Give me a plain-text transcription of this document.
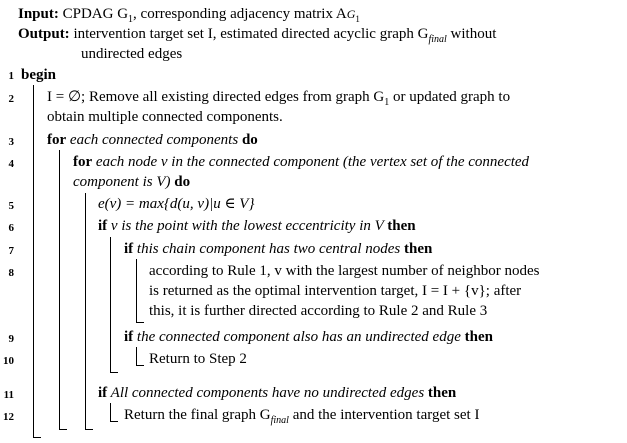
Input: CPDAG $G_1$, corresponding adjacency matrix $AG_1$
Output: intervention target set I, estimated directed acyclic graph $G_{final}$ without
undirected edges
1 begin
2 I = ∅; Remove all existing directed edges from graph $G_1$ or updated graph to
obtain multiple connected components.
3 for each connected components do
4	for each node v in the connected component (the vertex set of the connected
component is V) do
5	e(v) = max{d(u, v)|u ∈ V}
6	if v is the point with the lowest eccentricity in V then
7	if this chain component has two central nodes then
8	according to Rule 1, v with the largest number of neighbor nodes
is returned as the optimal intervention target, I = I + {v}; after
this, it is further directed according to Rule 2 and Rule 3
9	if the connected component also has an undirected edge then
10	Return to Step 2
11	if All connected components have no undirected edges then
12	Return the final graph $G_{final}$ and the intervention target set I
